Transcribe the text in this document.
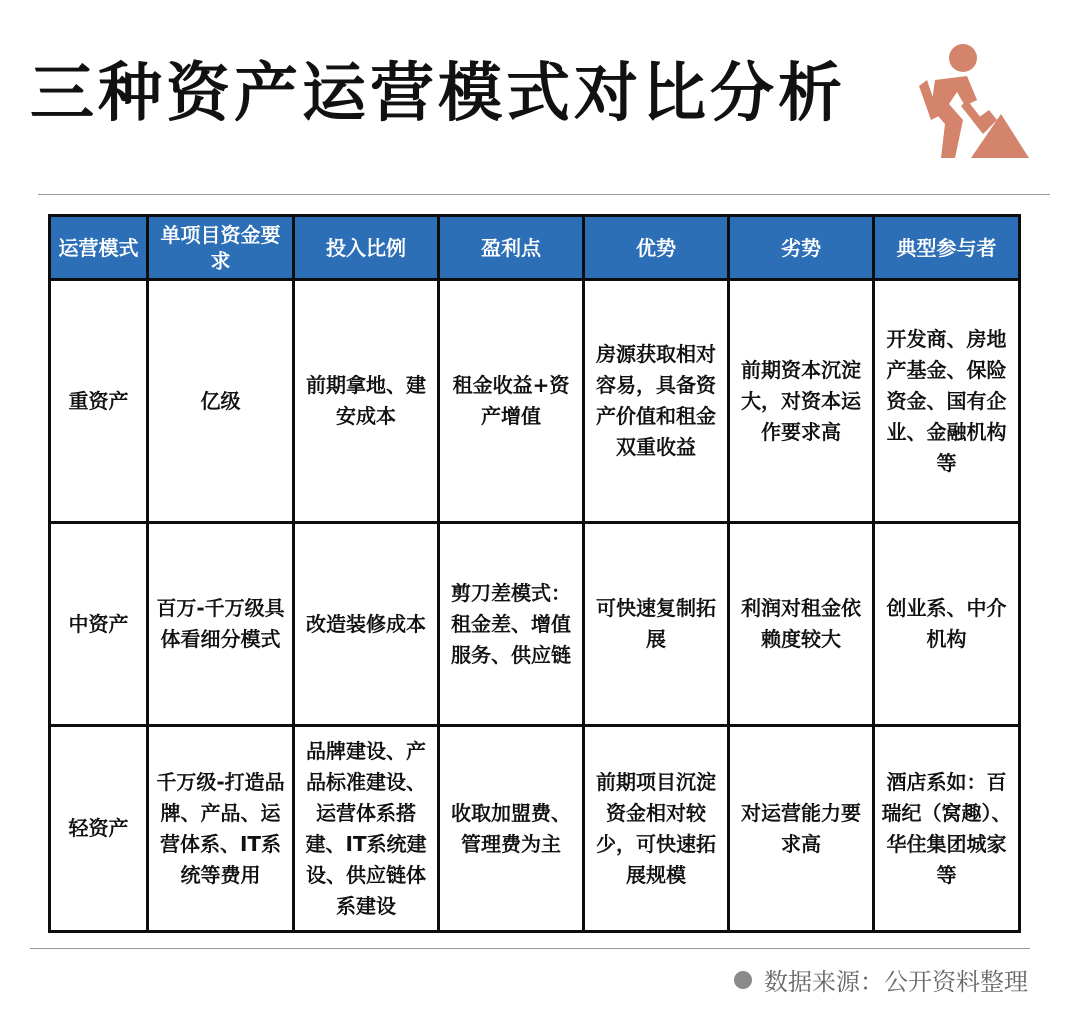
三种资产运营模式对比分析
运营模式	单项目资金要求	投入比例	盈利点	优势	劣势	典型参与者
重资产	亿级	前期拿地、建安成本	租金收益+资产增值	房源获取相对容易，具备资产价值和租金双重收益	前期资本沉淀大，对资本运作要求高	开发商、房地产基金、保险资金、国有企业、金融机构等
中资产	百万-千万级具体看细分模式	改造装修成本	剪刀差模式：租金差、增值服务、供应链	可快速复制拓展	利润对租金依赖度较大	创业系、中介机构
轻资产	千万级-打造品牌、产品、运营体系、IT系统等费用	品牌建设、产品标准建设、运营体系搭建、IT系统建设、供应链体系建设	收取加盟费、管理费为主	前期项目沉淀资金相对较少，可快速拓展规模	对运营能力要求高	酒店系如：百瑞纪（窝趣）、华住集团城家等
数据来源：公开资料整理
